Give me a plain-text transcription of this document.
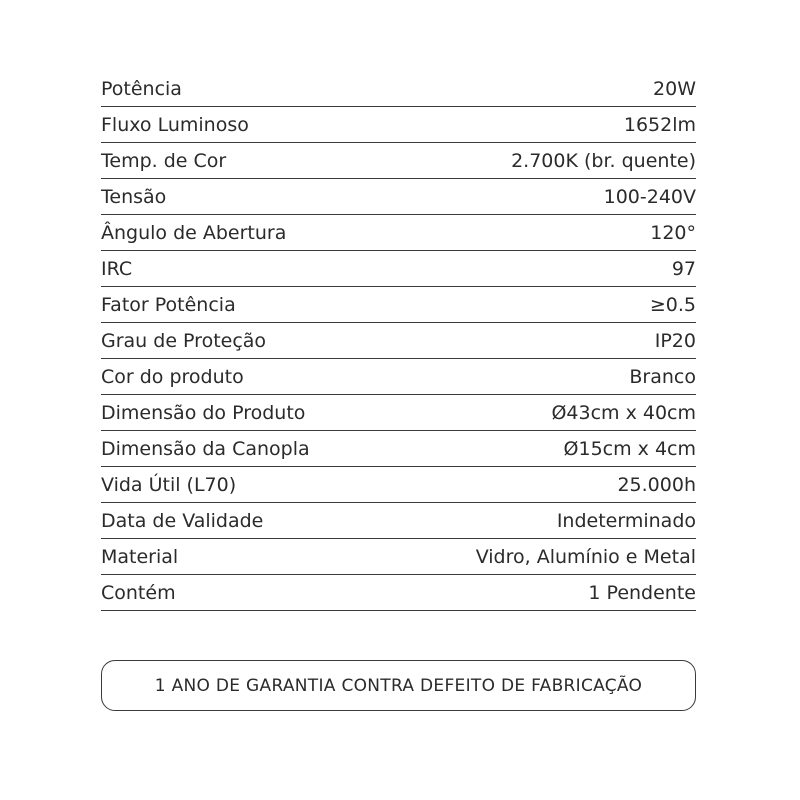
Potência	20W
Fluxo Luminoso	1652lm
Temp. de Cor	2.700K (br. quente)
Tensão	100-240V
Ângulo de Abertura	120°
IRC	97
Fator Potência	≥0.5
Grau de Proteção	IP20
Cor do produto	Branco
Dimensão do Produto	Ø43cm x 40cm
Dimensão da Canopla	Ø15cm x 4cm
Vida Útil (L70)	25.000h
Data de Validade	Indeterminado
Material	Vidro, Alumínio e Metal
Contém	1 Pendente
1 ANO DE GARANTIA CONTRA DEFEITO DE FABRICAÇÃO
